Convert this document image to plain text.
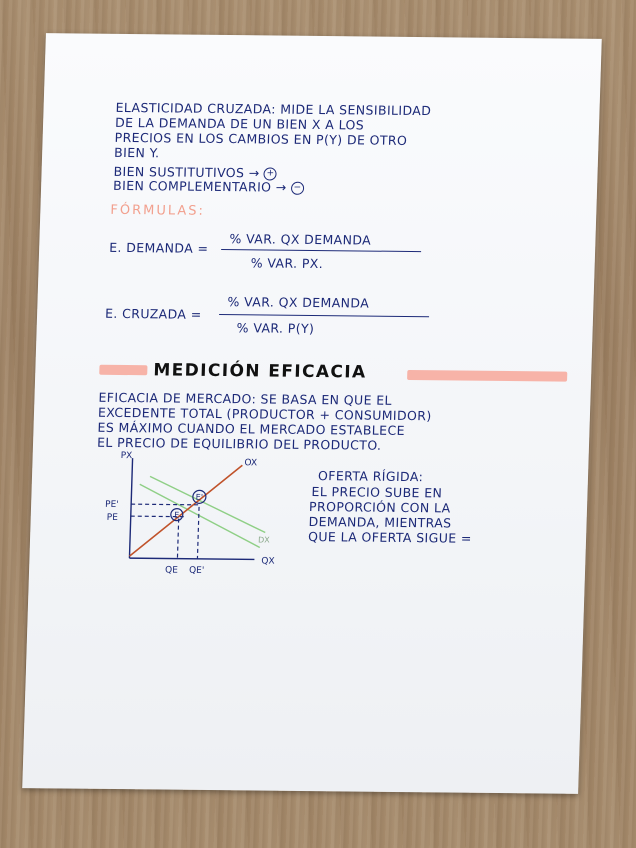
ELASTICIDAD CRUZADA: MIDE LA SENSIBILIDAD
DE LA DEMANDA DE UN BIEN X A LOS
PRECIOS EN LOS CAMBIOS EN P(Y) DE OTRO
BIEN Y.
BIEN SUSTITUTIVOS → +
BIEN COMPLEMENTARIO → −
FÓRMULAS:
E. DEMANDA =
% VAR. QX DEMANDA
% VAR. PX.
E. CRUZADA =
% VAR. QX DEMANDA
% VAR. P(Y)
MEDICIÓN EFICACIA
EFICACIA DE MERCADO: SE BASA EN QUE EL
EXCEDENTE TOTAL (PRODUCTOR + CONSUMIDOR)
ES MÁXIMO CUANDO EL MERCADO ESTABLECE
EL PRECIO DE EQUILIBRIO DEL PRODUCTO.
E
E'
PX
QX
OX
DX
PE'
PE
QE QE'
OFERTA RÍGIDA:
EL PRECIO SUBE EN
PROPORCIÓN CON LA
DEMANDA, MIENTRAS
QUE LA OFERTA SIGUE =
